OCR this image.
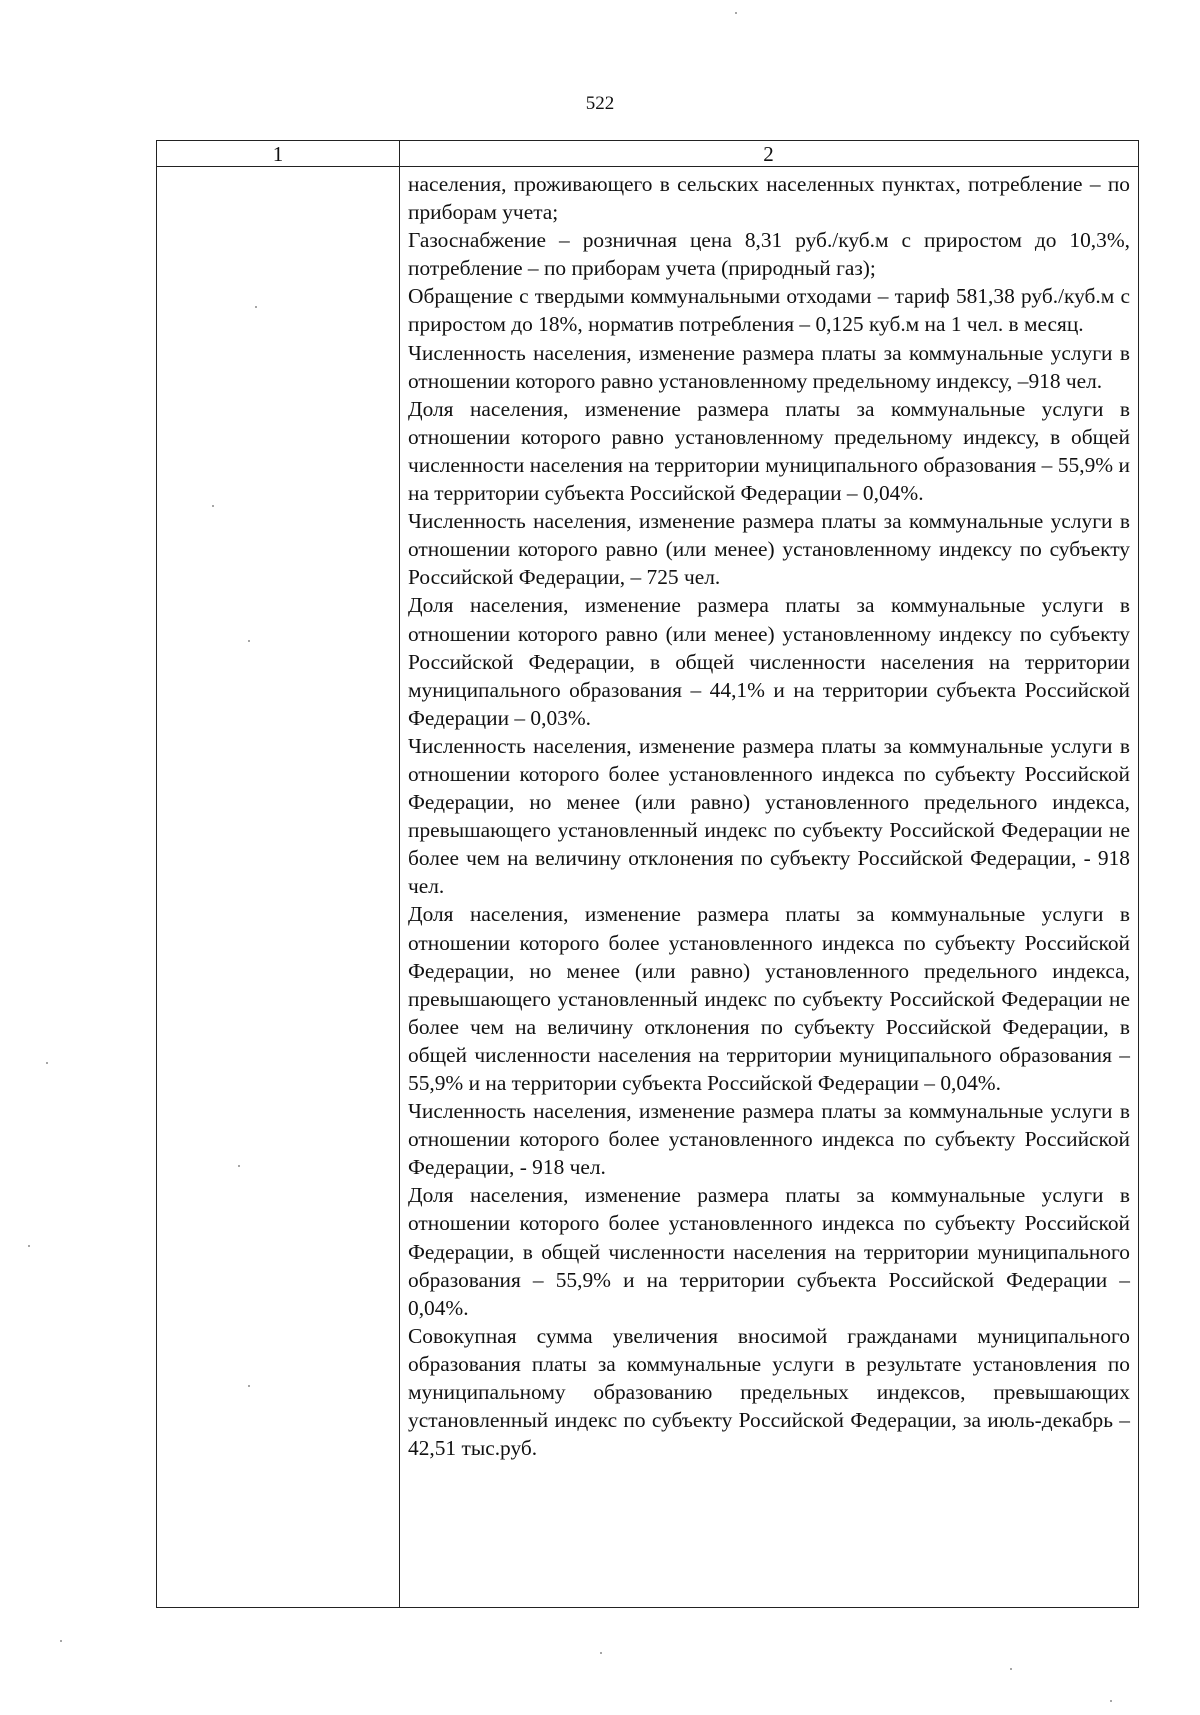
522
1	2

населения, проживающего в сельских населенных пунктах, потребление – по приборам учета;

Газоснабжение – розничная цена 8,31 руб./куб.м с приростом до 10,3%, потребление – по приборам учета (природный газ);

Обращение с твердыми коммунальными отходами – тариф 581,38 руб./куб.м с приростом до 18%, норматив потребления – 0,125 куб.м на 1 чел. в месяц.

Численность населения, изменение размера платы за коммунальные услуги в отношении которого равно установленному предельному индексу, –918 чел.

Доля населения, изменение размера платы за коммунальные услуги в отношении которого равно установленному предельному индексу, в общей численности населения на территории муниципального образования – 55,9% и на территории субъекта Российской Федерации – 0,04%.

Численность населения, изменение размера платы за коммунальные услуги в отношении которого равно (или менее) установленному индексу по субъекту Российской Федерации, – 725 чел.

Доля населения, изменение размера платы за коммунальные услуги в отношении которого равно (или менее) установленному индексу по субъекту Российской Федерации, в общей численности населения на территории муниципального образования – 44,1% и на территории субъекта Российской Федерации – 0,03%.

Численность населения, изменение размера платы за коммунальные услуги в отношении которого более установленного индекса по субъекту Российской Федерации, но менее (или равно) установленного предельного индекса, превышающего установленный индекс по субъекту Российской Федерации не более чем на величину отклонения по субъекту Российской Федерации, - 918 чел.

Доля населения, изменение размера платы за коммунальные услуги в отношении которого более установленного индекса по субъекту Российской Федерации, но менее (или равно) установленного предельного индекса, превышающего установленный индекс по субъекту Российской Федерации не более чем на величину отклонения по субъекту Российской Федерации, в общей численности населения на территории муниципального образования – 55,9% и на территории субъекта Российской Федерации – 0,04%.

Численность населения, изменение размера платы за коммунальные услуги в отношении которого более установленного индекса по субъекту Российской Федерации, - 918 чел.

Доля населения, изменение размера платы за коммунальные услуги в отношении которого более установленного индекса по субъекту Российской Федерации, в общей численности населения на территории муниципального образования – 55,9% и на территории субъекта Российской Федерации – 0,04%.

Совокупная сумма увеличения вносимой гражданами муниципального образования платы за коммунальные услуги в результате установления по муниципальному образованию предельных индексов, превышающих установленный индекс по субъекту Российской Федерации, за июль-декабрь – 42,51 тыс.руб.
